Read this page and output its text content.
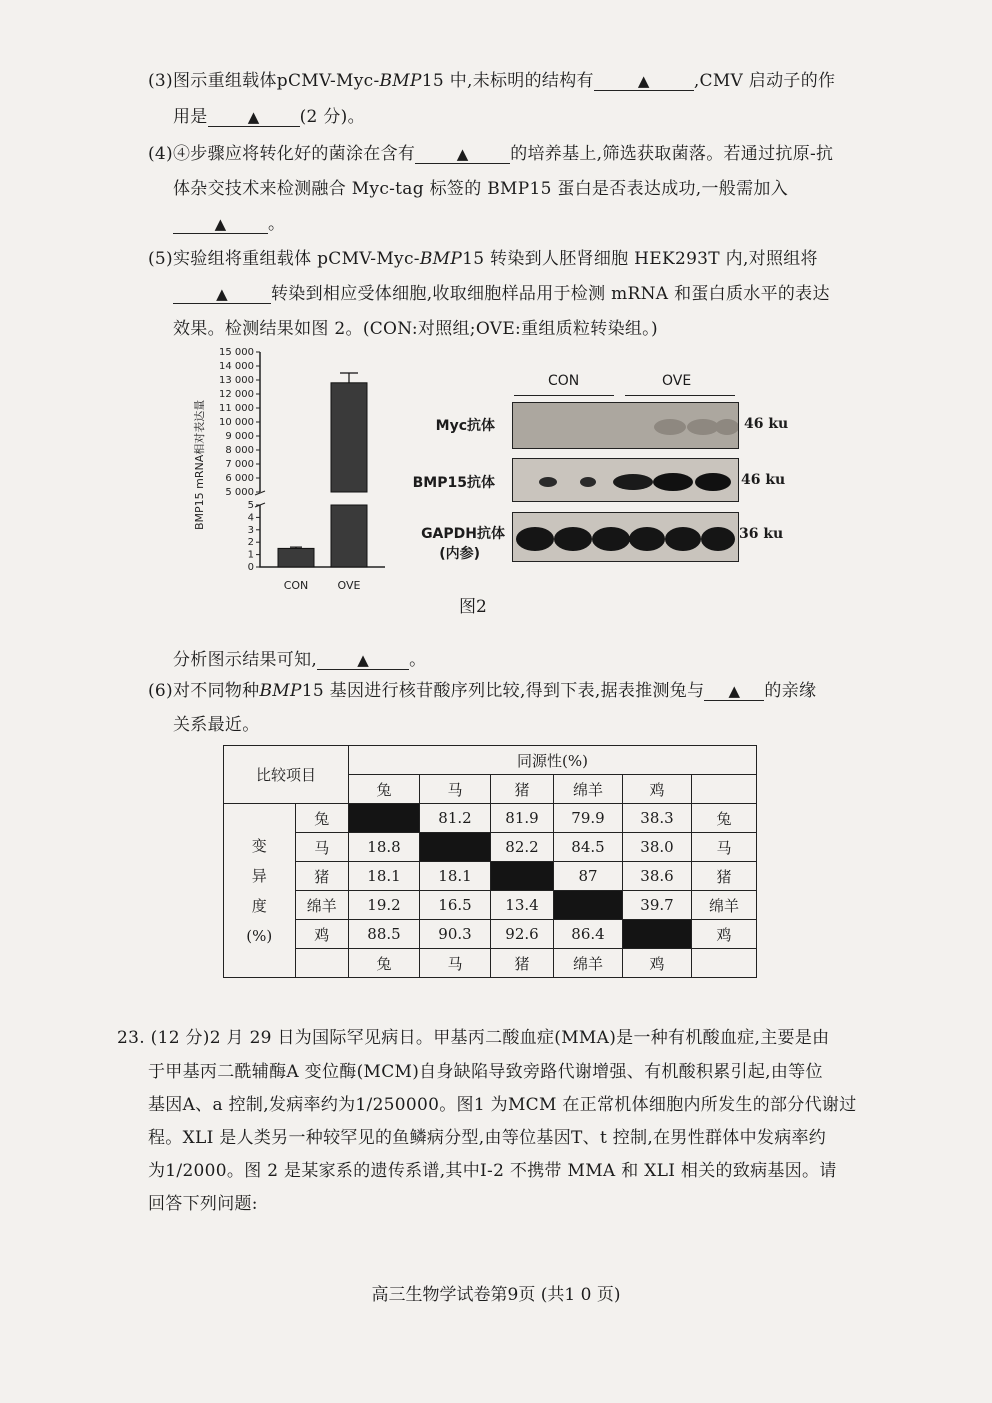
(3)图示重组载体pCMV-Myc-BMP15 中,未标明的结构有	▲	,CMV 启动子的作
用是	▲ (2 分)。
(4)④步骤应将转化好的菌涂在含有	▲ 的培养基上,筛选获取菌落。若通过抗原-抗
体杂交技术来检测融合 Myc-tag 标签的 BMP15 蛋白是否表达成功,一般需加入
▲ 。
(5)实验组将重组载体 pCMV-Myc-BMP15 转染到人胚肾细胞 HEK293T 内,对照组将
▲	转染到相应受体细胞,收取细胞样品用于检测 mRNA 和蛋白质水平的表达
效果。检测结果如图 2。(CON:对照组;OVE:重组质粒转染组。)
BMP15 mRNA相对表达量
15 000
14 000
13 000
12 000
11 000
10 000
9 000
8 000
7 000
6 000
5 000
5
4
3
2
1
0
CON	OVE
CON	OVE
Myc抗体	46 ku
BMP15抗体	46 ku
GAPDH抗体
(内参)
36 ku
图2
分析图示结果可知,	▲ 。
(6)对不同物种BMP15 基因进行核苷酸序列比较,得到下表,据表推测兔与 ▲ 的亲缘
关系最近。
比较项目		同源性(%)					
		兔	马	猪	绵羊	鸡	

变
异
度
(%)	兔		81.2	81.9	79.9	38.3	兔
	马	18.8		82.2	84.5	38.0	马
	猪	18.1	18.1		87	38.6	猪
	绵羊	19.2	16.5	13.4		39.7	绵羊
	鸡	88.5	90.3	92.6	86.4		鸡
		兔	马	猪	绵羊	鸡	
23. (12 分)2 月 29 日为国际罕见病日。甲基丙二酸血症(MMA)是一种有机酸血症,主要是由
于甲基丙二酰辅酶A 变位酶(MCM)自身缺陷导致旁路代谢增强、有机酸积累引起,由等位
基因A、a 控制,发病率约为1/250000。图1 为MCM 在正常机体细胞内所发生的部分代谢过
程。XLI 是人类另一种较罕见的鱼鳞病分型,由等位基因T、t 控制,在男性群体中发病率约
为1/2000。图 2 是某家系的遗传系谱,其中Ⅰ-2 不携带 MMA 和 XLI 相关的致病基因。请
回答下列问题:
高三生物学试卷第9页 (共1 0 页)
